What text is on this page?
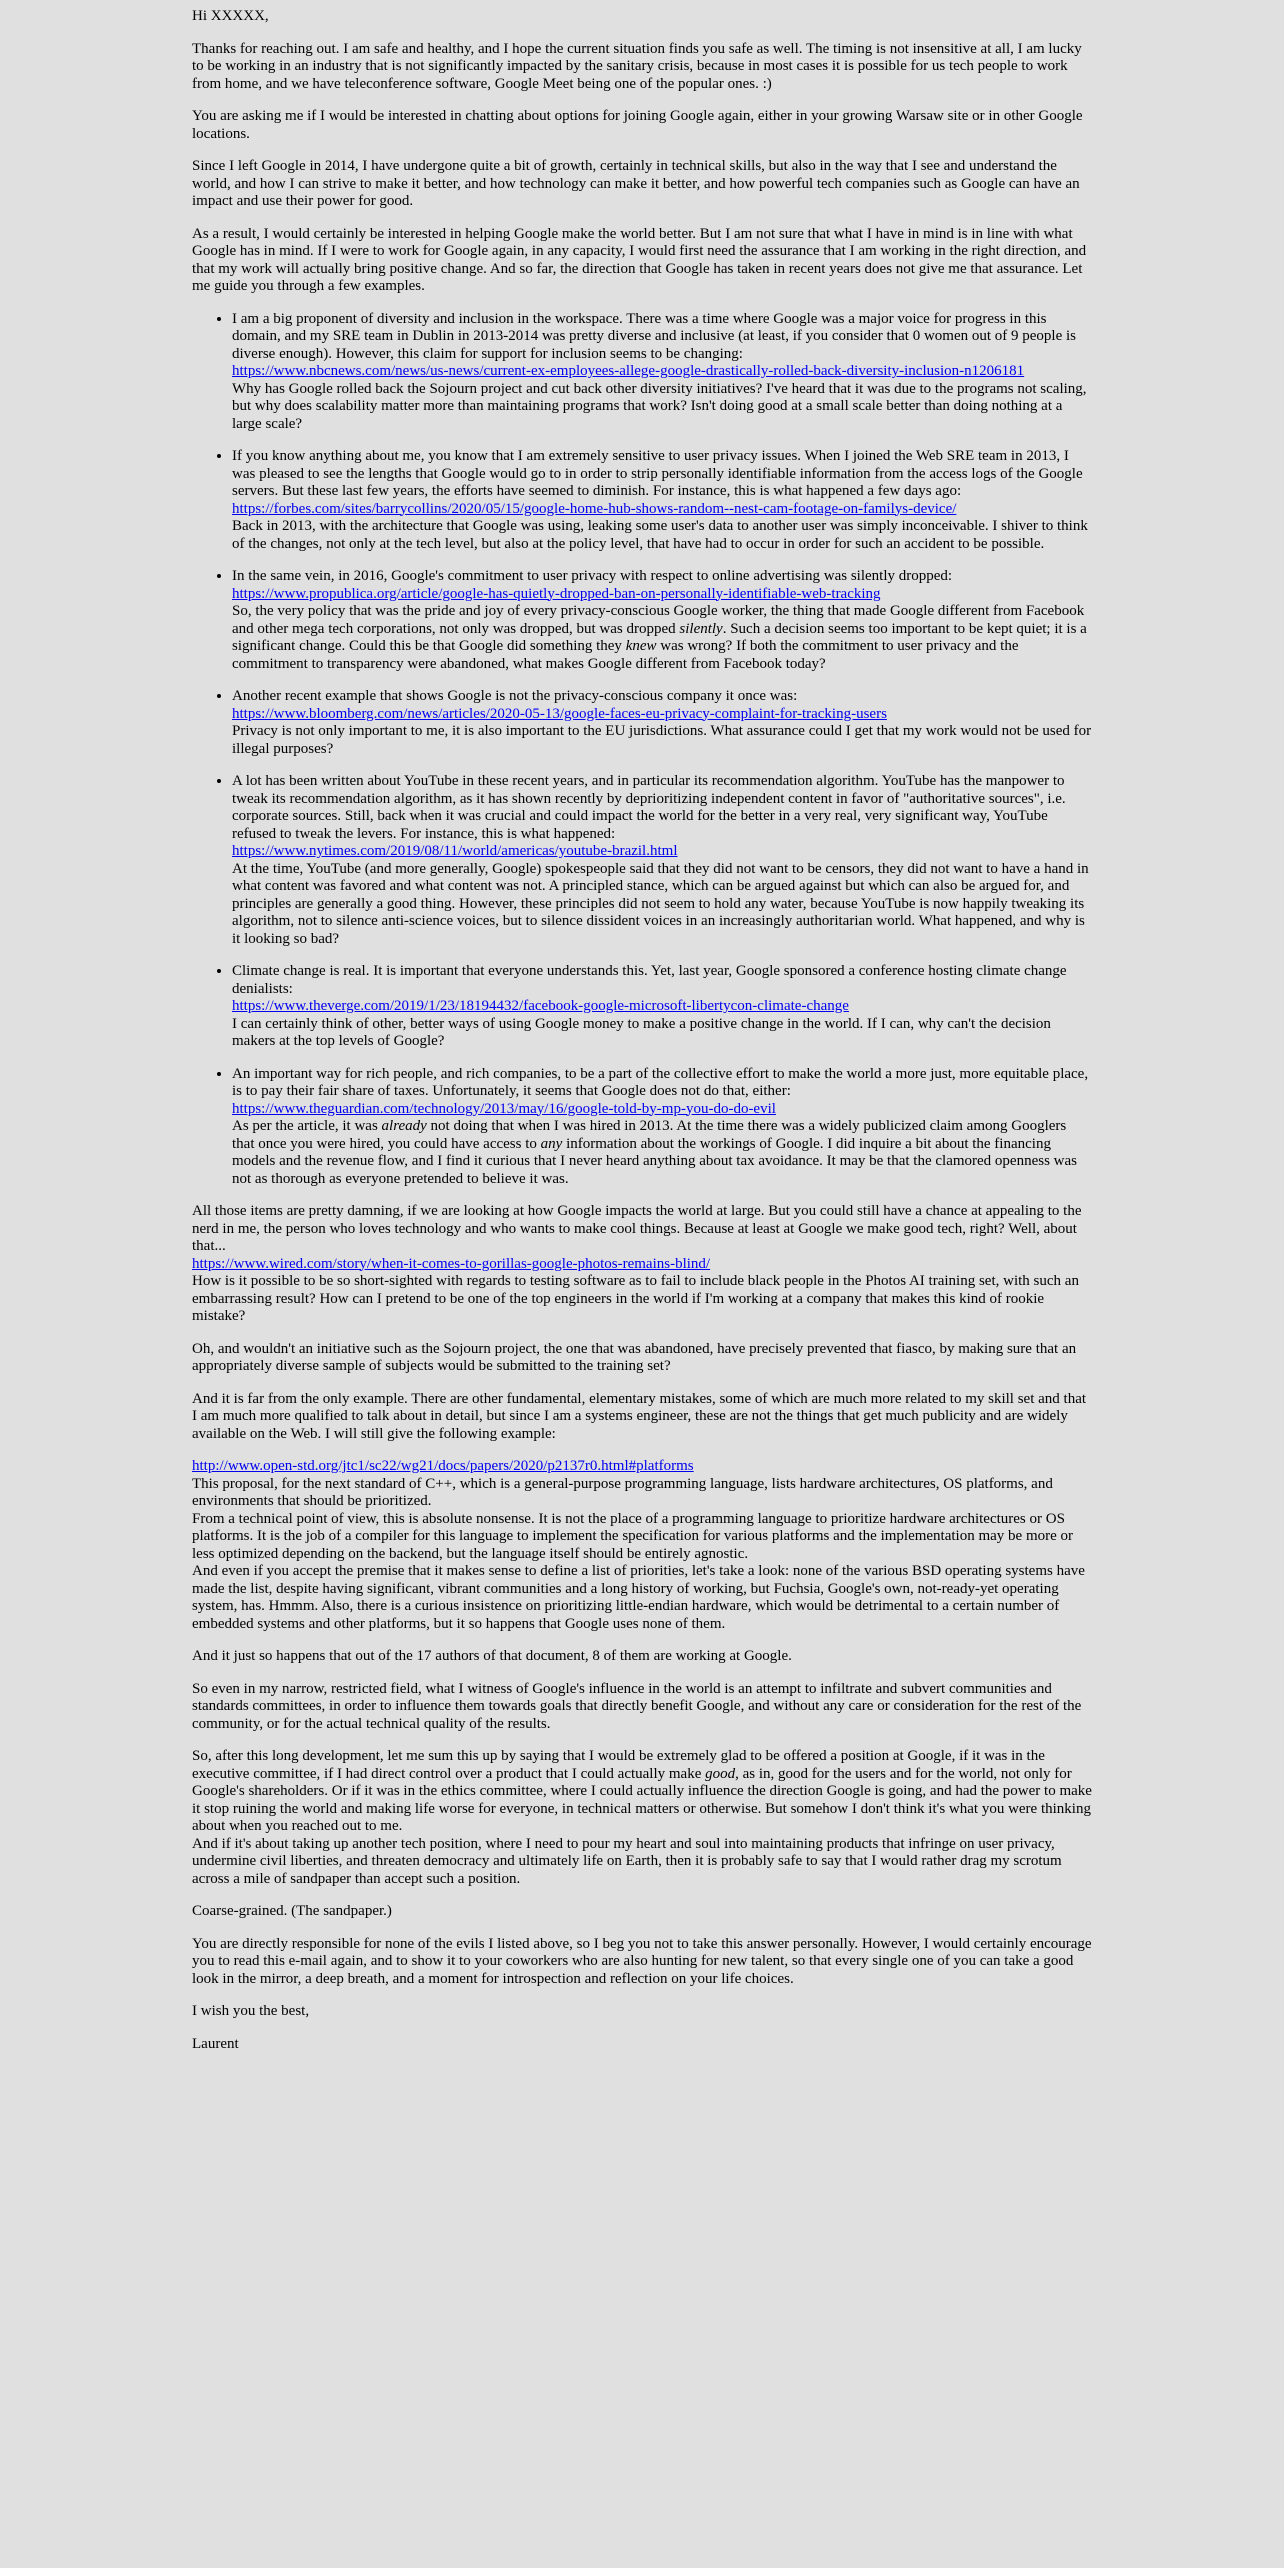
Hi XXXXX,

Thanks for reaching out. I am safe and healthy, and I hope the current situation finds you safe as well. The timing is not insensitive at all, I am lucky to be working in an industry that is not significantly impacted by the sanitary crisis, because in most cases it is possible for us tech people to work from home, and we have teleconference software, Google Meet being one of the popular ones. :)

You are asking me if I would be interested in chatting about options for joining Google again, either in your growing Warsaw site or in other Google locations.

Since I left Google in 2014, I have undergone quite a bit of growth, certainly in technical skills, but also in the way that I see and understand the world, and how I can strive to make it better, and how technology can make it better, and how powerful tech companies such as Google can have an impact and use their power for good.

As a result, I would certainly be interested in helping Google make the world better. But I am not sure that what I have in mind is in line with what Google has in mind. If I were to work for Google again, in any capacity, I would first need the assurance that I am working in the right direction, and that my work will actually bring positive change. And so far, the direction that Google has taken in recent years does not give me that assurance. Let me guide you through a few examples.

• I am a big proponent of diversity and inclusion in the workspace. There was a time where Google was a major voice for progress in this domain, and my SRE team in Dublin in 2013-2014 was pretty diverse and inclusive (at least, if you consider that 0 women out of 9 people is diverse enough). However, this claim for support for inclusion seems to be changing:
https://www.nbcnews.com/news/us-news/current-ex-employees-allege-google-drastically-rolled-back-diversity-inclusion-n1206181
Why has Google rolled back the Sojourn project and cut back other diversity initiatives? I've heard that it was due to the programs not scaling, but why does scalability matter more than maintaining programs that work? Isn't doing good at a small scale better than doing nothing at a large scale?
• If you know anything about me, you know that I am extremely sensitive to user privacy issues. When I joined the Web SRE team in 2013, I was pleased to see the lengths that Google would go to in order to strip personally identifiable information from the access logs of the Google servers. But these last few years, the efforts have seemed to diminish. For instance, this is what happened a few days ago:
https://forbes.com/sites/barrycollins/2020/05/15/google-home-hub-shows-random--nest-cam-footage-on-familys-device/
Back in 2013, with the architecture that Google was using, leaking some user's data to another user was simply inconceivable. I shiver to think of the changes, not only at the tech level, but also at the policy level, that have had to occur in order for such an accident to be possible.
• In the same vein, in 2016, Google's commitment to user privacy with respect to online advertising was silently dropped:
https://www.propublica.org/article/google-has-quietly-dropped-ban-on-personally-identifiable-web-tracking
So, the very policy that was the pride and joy of every privacy-conscious Google worker, the thing that made Google different from Facebook and other mega tech corporations, not only was dropped, but was dropped silently. Such a decision seems too important to be kept quiet; it is a significant change. Could this be that Google did something they knew was wrong? If both the commitment to user privacy and the commitment to transparency were abandoned, what makes Google different from Facebook today?
• Another recent example that shows Google is not the privacy-conscious company it once was:
https://www.bloomberg.com/news/articles/2020-05-13/google-faces-eu-privacy-complaint-for-tracking-users
Privacy is not only important to me, it is also important to the EU jurisdictions. What assurance could I get that my work would not be used for illegal purposes?
• A lot has been written about YouTube in these recent years, and in particular its recommendation algorithm. YouTube has the manpower to tweak its recommendation algorithm, as it has shown recently by deprioritizing independent content in favor of "authoritative sources", i.e. corporate sources. Still, back when it was crucial and could impact the world for the better in a very real, very significant way, YouTube refused to tweak the levers. For instance, this is what happened:
https://www.nytimes.com/2019/08/11/world/americas/youtube-brazil.html
At the time, YouTube (and more generally, Google) spokespeople said that they did not want to be censors, they did not want to have a hand in what content was favored and what content was not. A principled stance, which can be argued against but which can also be argued for, and principles are generally a good thing. However, these principles did not seem to hold any water, because YouTube is now happily tweaking its algorithm, not to silence anti-science voices, but to silence dissident voices in an increasingly authoritarian world. What happened, and why is it looking so bad?
• Climate change is real. It is important that everyone understands this. Yet, last year, Google sponsored a conference hosting climate change denialists:
https://www.theverge.com/2019/1/23/18194432/facebook-google-microsoft-libertycon-climate-change
I can certainly think of other, better ways of using Google money to make a positive change in the world. If I can, why can't the decision makers at the top levels of Google?
• An important way for rich people, and rich companies, to be a part of the collective effort to make the world a more just, more equitable place, is to pay their fair share of taxes. Unfortunately, it seems that Google does not do that, either:
https://www.theguardian.com/technology/2013/may/16/google-told-by-mp-you-do-do-evil
As per the article, it was already not doing that when I was hired in 2013. At the time there was a widely publicized claim among Googlers that once you were hired, you could have access to any information about the workings of Google. I did inquire a bit about the financing models and the revenue flow, and I find it curious that I never heard anything about tax avoidance. It may be that the clamored openness was not as thorough as everyone pretended to believe it was.

All those items are pretty damning, if we are looking at how Google impacts the world at large. But you could still have a chance at appealing to the nerd in me, the person who loves technology and who wants to make cool things. Because at least at Google we make good tech, right? Well, about that...
https://www.wired.com/story/when-it-comes-to-gorillas-google-photos-remains-blind/
How is it possible to be so short-sighted with regards to testing software as to fail to include black people in the Photos AI training set, with such an embarrassing result? How can I pretend to be one of the top engineers in the world if I'm working at a company that makes this kind of rookie mistake?

Oh, and wouldn't an initiative such as the Sojourn project, the one that was abandoned, have precisely prevented that fiasco, by making sure that an appropriately diverse sample of subjects would be submitted to the training set?

And it is far from the only example. There are other fundamental, elementary mistakes, some of which are much more related to my skill set and that I am much more qualified to talk about in detail, but since I am a systems engineer, these are not the things that get much publicity and are widely available on the Web. I will still give the following example:

http://www.open-std.org/jtc1/sc22/wg21/docs/papers/2020/p2137r0.html#platforms
This proposal, for the next standard of C++, which is a general-purpose programming language, lists hardware architectures, OS platforms, and environments that should be prioritized.
From a technical point of view, this is absolute nonsense. It is not the place of a programming language to prioritize hardware architectures or OS platforms. It is the job of a compiler for this language to implement the specification for various platforms and the implementation may be more or less optimized depending on the backend, but the language itself should be entirely agnostic.
And even if you accept the premise that it makes sense to define a list of priorities, let's take a look: none of the various BSD operating systems have made the list, despite having significant, vibrant communities and a long history of working, but Fuchsia, Google's own, not-ready-yet operating system, has. Hmmm. Also, there is a curious insistence on prioritizing little-endian hardware, which would be detrimental to a certain number of embedded systems and other platforms, but it so happens that Google uses none of them.

And it just so happens that out of the 17 authors of that document, 8 of them are working at Google.

So even in my narrow, restricted field, what I witness of Google's influence in the world is an attempt to infiltrate and subvert communities and standards committees, in order to influence them towards goals that directly benefit Google, and without any care or consideration for the rest of the community, or for the actual technical quality of the results.

So, after this long development, let me sum this up by saying that I would be extremely glad to be offered a position at Google, if it was in the executive committee, if I had direct control over a product that I could actually make good, as in, good for the users and for the world, not only for Google's shareholders. Or if it was in the ethics committee, where I could actually influence the direction Google is going, and had the power to make it stop ruining the world and making life worse for everyone, in technical matters or otherwise. But somehow I don't think it's what you were thinking about when you reached out to me.
And if it's about taking up another tech position, where I need to pour my heart and soul into maintaining products that infringe on user privacy, undermine civil liberties, and threaten democracy and ultimately life on Earth, then it is probably safe to say that I would rather drag my scrotum across a mile of sandpaper than accept such a position.

Coarse-grained. (The sandpaper.)

You are directly responsible for none of the evils I listed above, so I beg you not to take this answer personally. However, I would certainly encourage you to read this e-mail again, and to show it to your coworkers who are also hunting for new talent, so that every single one of you can take a good look in the mirror, a deep breath, and a moment for introspection and reflection on your life choices.

I wish you the best,

Laurent
